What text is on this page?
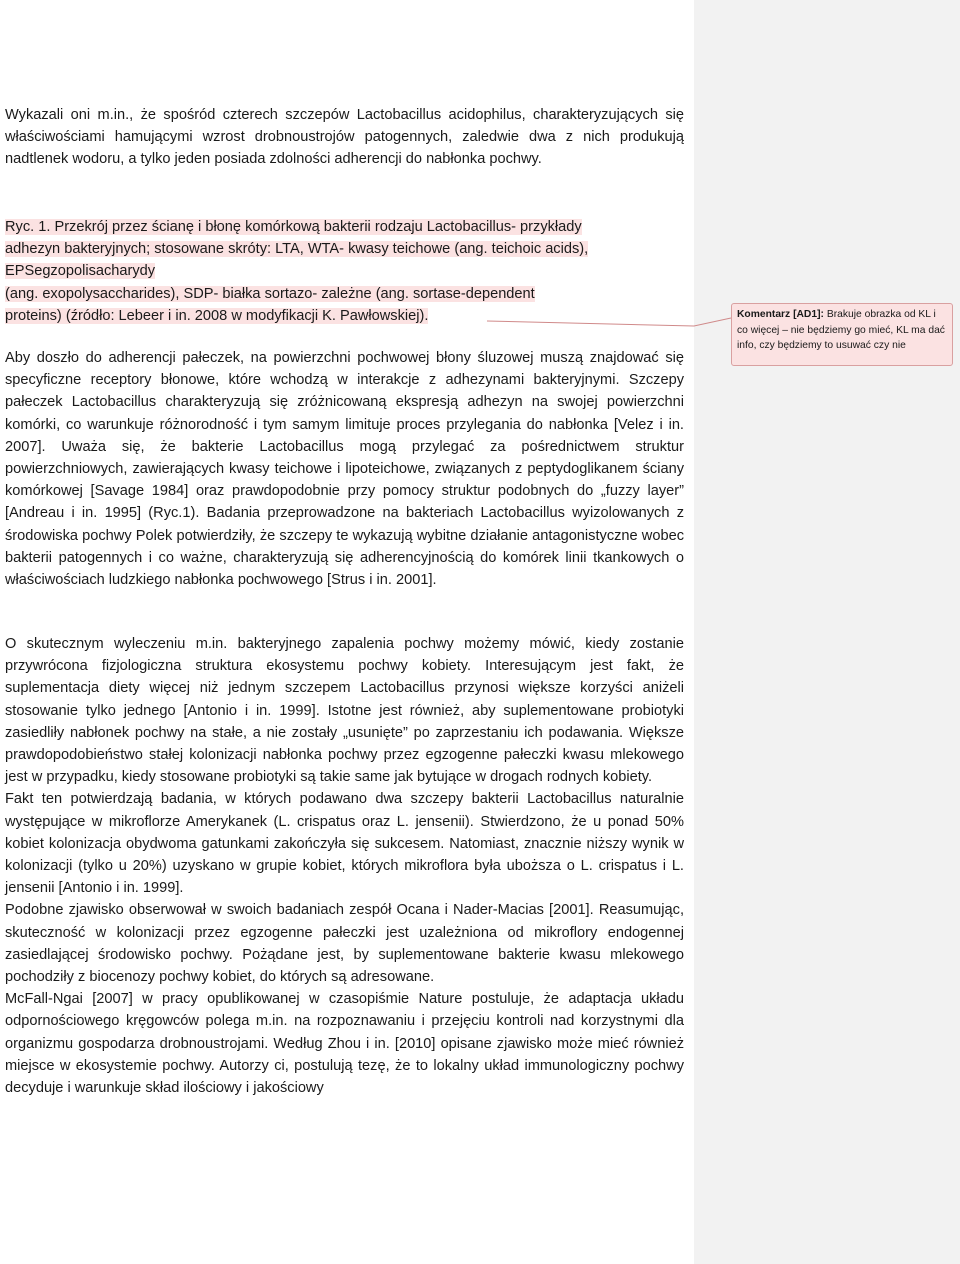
Wykazali oni m.in., że spośród czterech szczepów Lactobacillus acidophilus, charakteryzujących się właściwościami hamującymi wzrost drobnoustrojów patogennych, zaledwie dwa z nich produkują nadtlenek wodoru, a tylko jeden posiada zdolności adherencji do nabłonka pochwy.

Ryc. 1. Przekrój przez ścianę i błonę komórkową bakterii rodzaju Lactobacillus- przykłady
adhezyn bakteryjnych; stosowane skróty: LTA, WTA- kwasy teichowe (ang. teichoic acids),
EPSegzopolisacharydy
(ang. exopolysaccharides), SDP- białka sortazo- zależne (ang. sortase-dependent
proteins) (źródło: Lebeer i in. 2008 w modyfikacji K. Pawłowskiej).

Aby doszło do adherencji pałeczek, na powierzchni pochwowej błony śluzowej muszą znajdować się specyficzne receptory błonowe, które wchodzą w interakcje z adhezynami bakteryjnymi. Szczepy pałeczek Lactobacillus charakteryzują się zróżnicowaną ekspresją adhezyn na swojej powierzchni komórki, co warunkuje różnorodność i tym samym limituje proces przylegania do nabłonka [Velez i in. 2007]. Uważa się, że bakterie Lactobacillus mogą przylegać za pośrednictwem struktur powierzchniowych, zawierających kwasy teichowe i lipoteichowe, związanych z peptydoglikanem ściany komórkowej [Savage 1984] oraz prawdopodobnie przy pomocy struktur podobnych do „fuzzy layer” [Andreau i in. 1995] (Ryc.1). Badania przeprowadzone na bakteriach Lactobacillus wyizolowanych z środowiska pochwy Polek potwierdziły, że szczepy te wykazują wybitne działanie antagonistyczne wobec bakterii patogennych i co ważne, charakteryzują się adherencyjnością do komórek linii tkankowych o właściwościach ludzkiego nabłonka pochwowego [Strus i in. 2001].

O skutecznym wyleczeniu m.in. bakteryjnego zapalenia pochwy możemy mówić, kiedy zostanie przywrócona fizjologiczna struktura ekosystemu pochwy kobiety. Interesującym jest fakt, że suplementacja diety więcej niż jednym szczepem Lactobacillus przynosi większe korzyści aniżeli stosowanie tylko jednego [Antonio i in. 1999]. Istotne jest również, aby suplementowane probiotyki zasiedliły nabłonek pochwy na stałe, a nie zostały „usunięte” po zaprzestaniu ich podawania. Większe prawdopodobieństwo stałej kolonizacji nabłonka pochwy przez egzogenne pałeczki kwasu mlekowego jest w przypadku, kiedy stosowane probiotyki są takie same jak bytujące w drogach rodnych kobiety.

Fakt ten potwierdzają badania, w których podawano dwa szczepy bakterii Lactobacillus naturalnie występujące w mikroflorze Amerykanek (L. crispatus oraz L. jensenii). Stwierdzono, że u ponad 50% kobiet kolonizacja obydwoma gatunkami zakończyła się sukcesem. Natomiast, znacznie niższy wynik w kolonizacji (tylko u 20%) uzyskano w grupie kobiet, których mikroflora była uboższa o L. crispatus i L. jensenii [Antonio i in. 1999].

Podobne zjawisko obserwował w swoich badaniach zespół Ocana i Nader-Macias [2001]. Reasumując, skuteczność w kolonizacji przez egzogenne pałeczki jest uzależniona od mikroflory endogennej zasiedlającej środowisko pochwy. Pożądane jest, by suplementowane bakterie kwasu mlekowego pochodziły z biocenozy pochwy kobiet, do których są adresowane.

McFall-Ngai [2007] w pracy opublikowanej w czasopiśmie Nature postuluje, że adaptacja układu odpornościowego kręgowców polega m.in. na rozpoznawaniu i przejęciu kontroli nad korzystnymi dla organizmu gospodarza drobnoustrojami. Według Zhou i in. [2010] opisane zjawisko może mieć również miejsce w ekosystemie pochwy. Autorzy ci, postulują tezę, że to lokalny układ immunologiczny pochwy decyduje i warunkuje skład ilościowy i jakościowy

Komentarz [AD1]: Brakuje obrazka od KL i co więcej – nie będziemy go mieć, KL ma dać info, czy będziemy to usuwać czy nie
